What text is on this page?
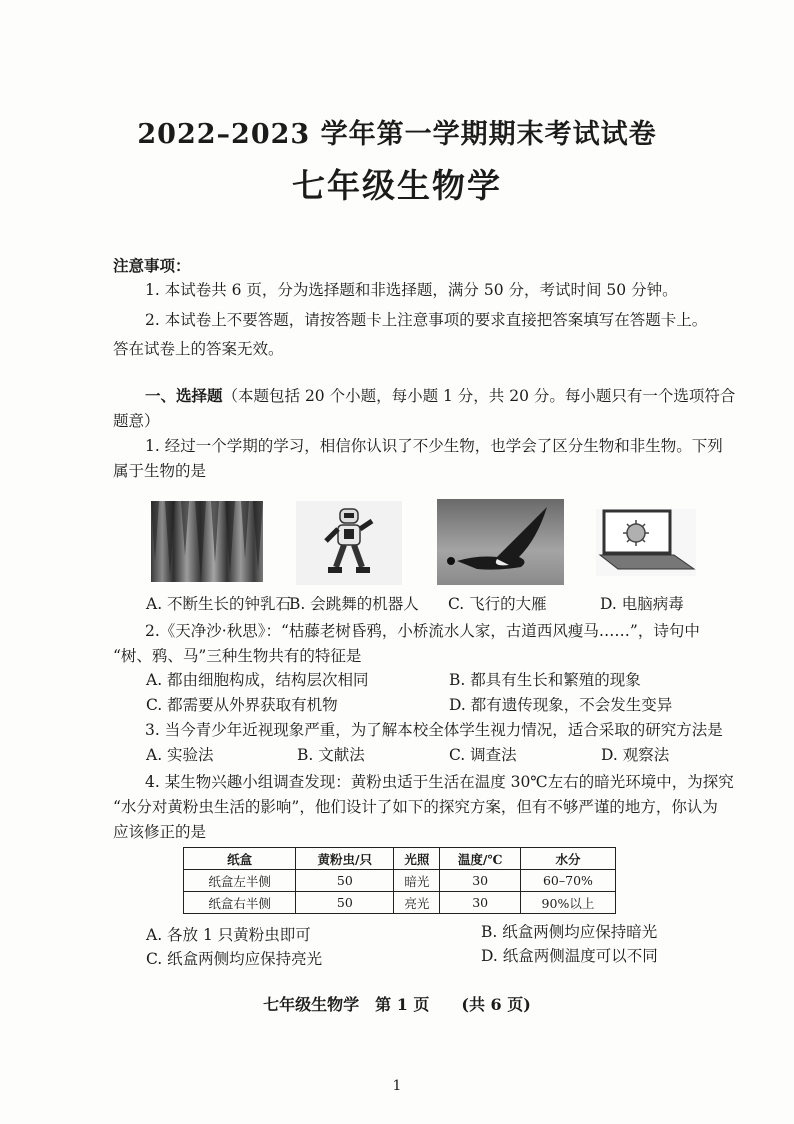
2022–2023 学年第一学期期末考试试卷
七年级生物学
注意事项：
1. 本试卷共 6 页，分为选择题和非选择题，满分 50 分，考试时间 50 分钟。
2. 本试卷上不要答题，请按答题卡上注意事项的要求直接把答案填写在答题卡上。
答在试卷上的答案无效。
一、选择题（本题包括 20 个小题，每小题 1 分，共 20 分。每小题只有一个选项符合
题意）
1. 经过一个学期的学习，相信你认识了不少生物，也学会了区分生物和非生物。下列
属于生物的是
A. 不断生长的钟乳石
B. 会跳舞的机器人 C. 飞行的大雁	D. 电脑病毒
2.《天净沙·秋思》：“枯藤老树昏鸦，小桥流水人家，古道西风瘦马……”，诗句中
“树、鸦、马”三种生物共有的特征是
A. 都由细胞构成，结构层次相同	B. 都具有生长和繁殖的现象
C. 都需要从外界获取有机物	D. 都有遗传现象，不会发生变异
3. 当今青少年近视现象严重，为了解本校全体学生视力情况，适合采取的研究方法是
A. 实验法	B. 文献法	C. 调查法	D. 观察法
4. 某生物兴趣小组调查发现：黄粉虫适于生活在温度 30℃左右的暗光环境中，为探究
“水分对黄粉虫生活的影响”，他们设计了如下的探究方案，但有不够严谨的地方，你认为
应该修正的是
纸盒	黄粉虫/只	光照	温度/℃	水分
纸盒左半侧	50	暗光	30	60–70%
纸盒右半侧	50	亮光	30	90%以上
A. 各放 1 只黄粉虫即可	B. 纸盒两侧均应保持暗光
C. 纸盒两侧均应保持亮光	D. 纸盒两侧温度可以不同
七年级生物学　第 1 页　　(共 6 页)
1
